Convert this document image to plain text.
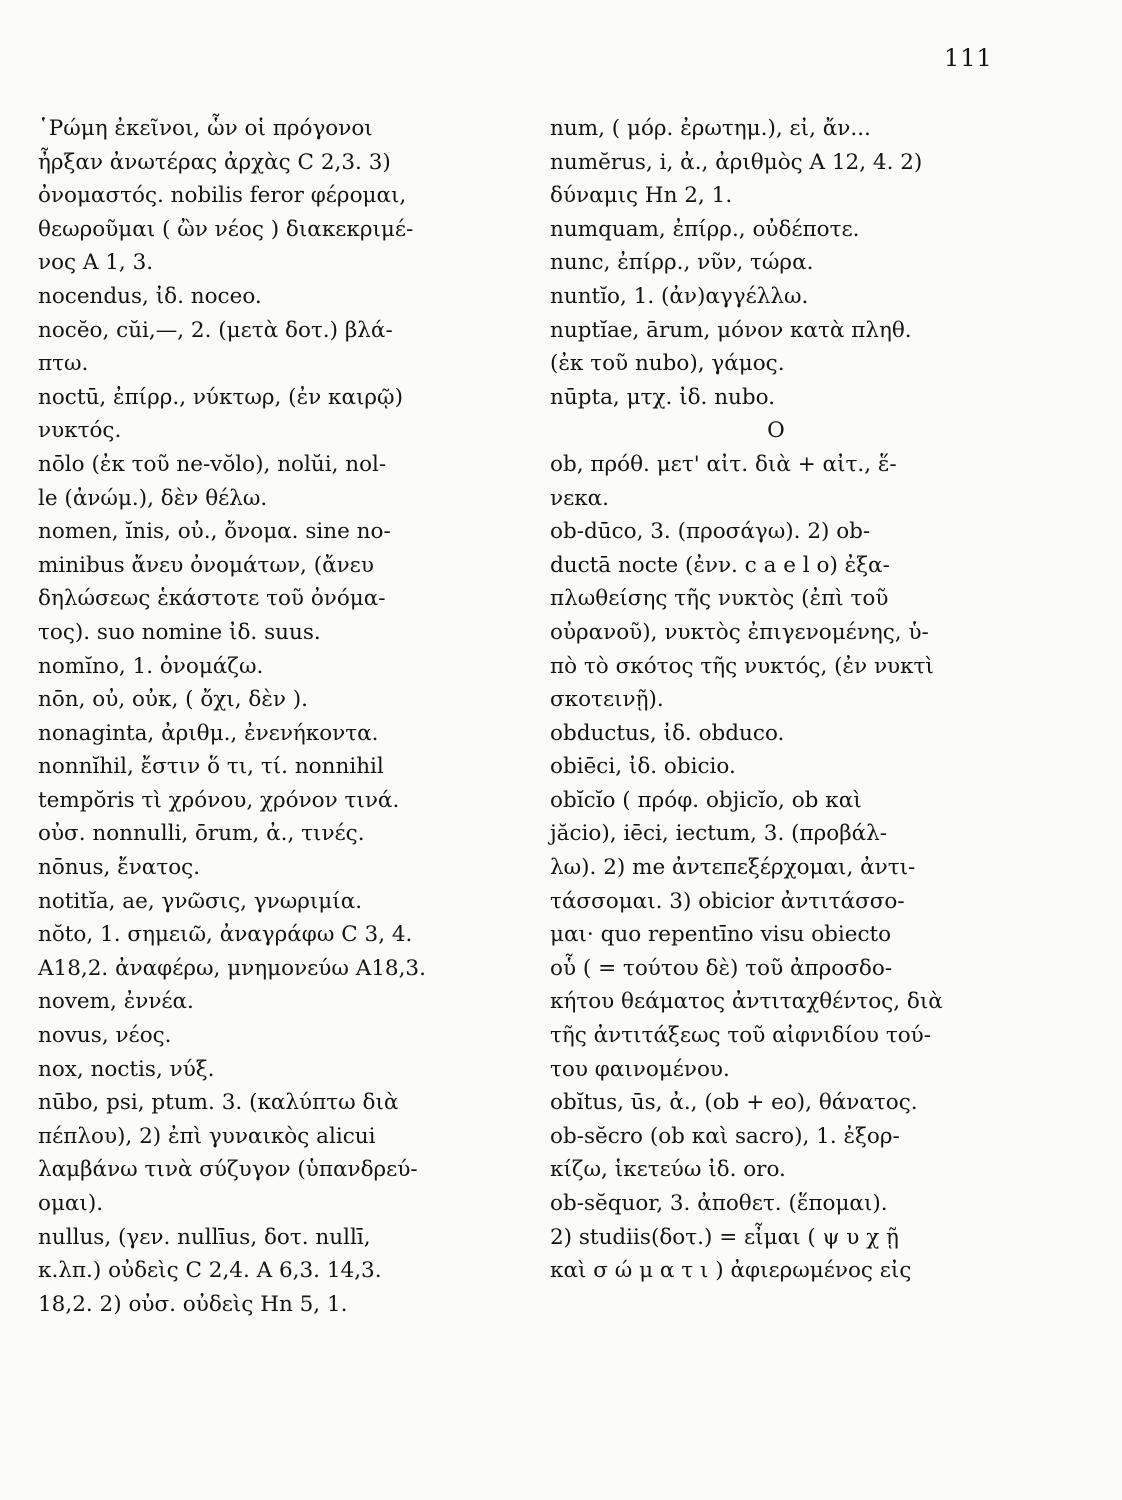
111
῾Ρώμη ἐκεῖνοι, ὧν οἱ πρόγονοι
ἦρξαν ἀνωτέρας ἀρχὰς C 2,3. 3)
ὀνομαστός. nobilis feror φέρομαι,
θεωροῦμαι ( ὢν νέος ) διακεκριμέ-
νος A 1, 3.
nocendus, ἰδ. noceo.
nocĕo, cŭi,—, 2. (μετὰ δοτ.) βλά-
πτω.
noctū, ἐπίρρ., νύκτωρ, (ἐν καιρῷ)
νυκτός.
nōlo (ἐκ τοῦ ne-vŏlo), nolŭi, nol-
le (ἀνώμ.), δὲν θέλω.
nomen, ĭnis, οὐ., ὄνομα. sine no-
minibus ἄνευ ὀνομάτων, (ἄνευ
δηλώσεως ἑκάστοτε τοῦ ὀνόμα-
τος). suo nomine ἰδ. suus.
nomĭno, 1. ὀνομάζω.
nōn, οὐ, οὐκ, ( ὄχι, δὲν ).
nonaginta, ἀριθμ., ἐνενήκοντα.
nonnĭhil, ἔστιν ὅ τι, τί. nonnihil
tempŏris τὶ χρόνου, χρόνον τινά.
οὐσ. nonnulli, ōrum, ἀ., τινές.
nōnus, ἔνατος.
notitĭa, ae, γνῶσις, γνωριμία.
nŏto, 1. σημειῶ, ἀναγράφω C 3, 4.
A18,2. ἀναφέρω, μνημονεύω A18,3.
novem, ἐννέα.
novus, νέος.
nox, noctis, νύξ.
nūbo, psi, ptum. 3. (καλύπτω διὰ
πέπλου), 2) ἐπὶ γυναικὸς alicui
λαμβάνω τινὰ σύζυγον (ὑπανδρεύ-
ομαι).
nullus, (γεν. nullīus, δοτ. nullī,
κ.λπ.) οὐδεὶς C 2,4. A 6,3. 14,3.
18,2. 2) οὐσ. οὐδεὶς Hn 5, 1.
num, ( μόρ. ἐρωτημ.), εἰ, ἄν...
numĕrus, i, ἀ., ἀριθμὸς A 12, 4. 2)
δύναμις Hn 2, 1.
numquam, ἐπίρρ., οὐδέποτε.
nunc, ἐπίρρ., νῦν, τώρα.
nuntĭo, 1. (ἀν)αγγέλλω.
nuptĭae, ārum, μόνον κατὰ πληθ.
(ἐκ τοῦ nubo), γάμος.
nūpta, μτχ. ἰδ. nubo.
O
ob, πρόθ. μετ' αἰτ. διὰ + αἰτ., ἕ-
νεκα.
ob-dūco, 3. (προσάγω). 2) ob-
ductā nocte (ἐνν. c a e l o) ἐξα-
πλωθείσης τῆς νυκτὸς (ἐπὶ τοῦ
οὐρανοῦ), νυκτὸς ἐπιγενομένης, ὑ-
πὸ τὸ σκότος τῆς νυκτός, (ἐν νυκτὶ
σκοτεινῇ).
obductus, ἰδ. obduco.
obiēci, ἰδ. obicio.
obĭcĭo ( πρόφ. objicĭo, ob καὶ
jăcio), iēci, iectum, 3. (προβάλ-
λω). 2) me ἀντεπεξέρχομαι, ἀντι-
τάσσομαι. 3) obicior ἀντιτάσσο-
μαι· quo repentīno visu obiecto
οὗ ( = τούτου δὲ) τοῦ ἀπροσδο-
κήτου θεάματος ἀντιταχθέντος, διὰ
τῆς ἀντιτάξεως τοῦ αἰφνιδίου τού-
του φαινομένου.
obĭtus, ūs, ἀ., (ob + eo), θάνατος.
ob-sĕcro (ob καὶ sacro), 1. ἐξορ-
κίζω, ἱκετεύω ἰδ. oro.
ob-sĕquor, 3. ἀποθετ. (ἕπομαι).
2) studiis(δοτ.) = εἶμαι ( ψ υ χ ῇ
καὶ σ ώ μ α τ ι ) ἀφιερωμένος εἰς
